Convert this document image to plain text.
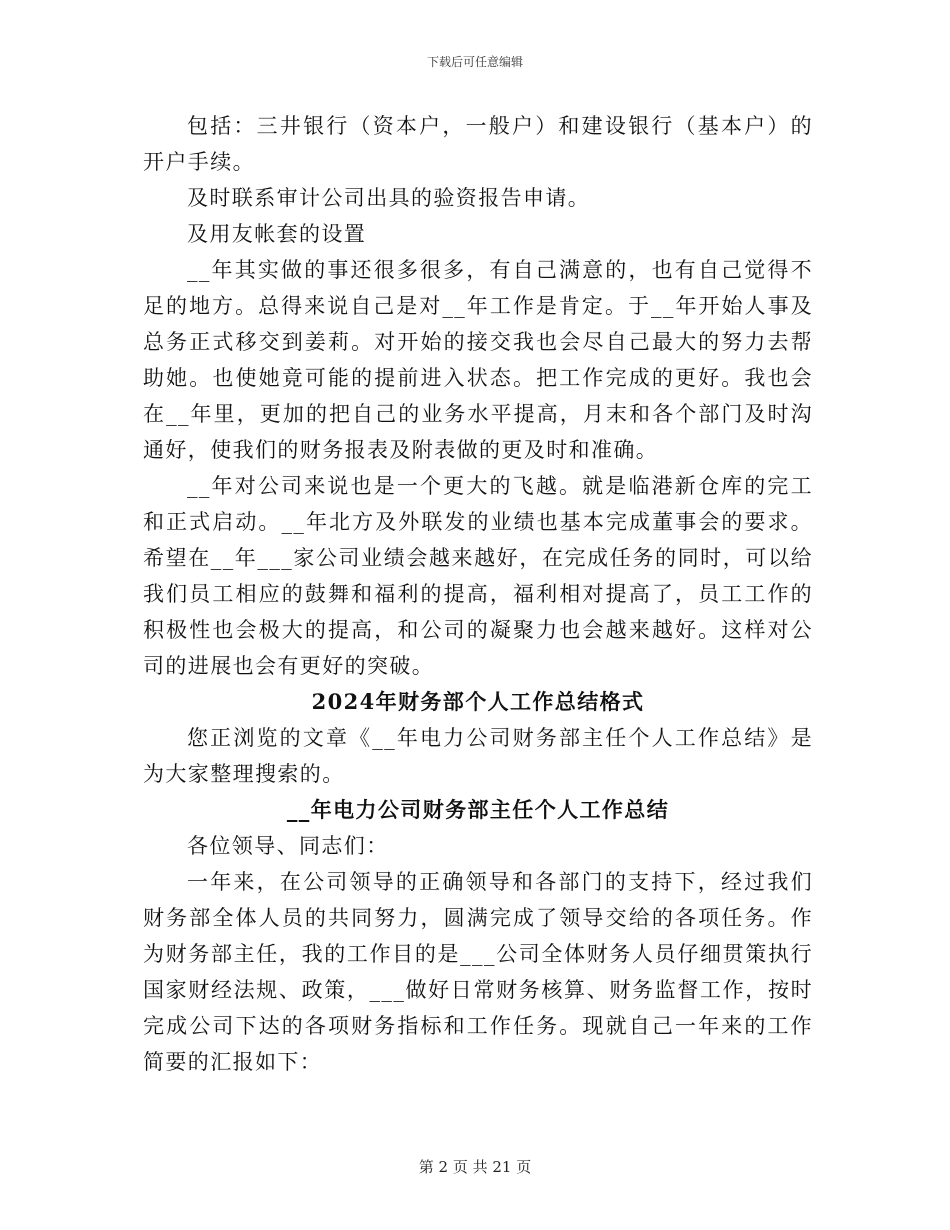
下载后可任意编辑

包括：三井银行（资本户，一般户）和建设银行（基本户）的开户手续。

及时联系审计公司出具的验资报告申请。

及用友帐套的设置

__年其实做的事还很多很多，有自己满意的，也有自己觉得不足的地方。总得来说自己是对__年工作是肯定。于__年开始人事及总务正式移交到姜莉。对开始的接交我也会尽自己最大的努力去帮助她。也使她竟可能的提前进入状态。把工作完成的更好。我也会在__年里，更加的把自己的业务水平提高，月末和各个部门及时沟通好，使我们的财务报表及附表做的更及时和准确。

__年对公司来说也是一个更大的飞越。就是临港新仓库的完工和正式启动。__年北方及外联发的业绩也基本完成董事会的要求。希望在__年___家公司业绩会越来越好，在完成任务的同时，可以给我们员工相应的鼓舞和福利的提高，福利相对提高了，员工工作的积极性也会极大的提高，和公司的凝聚力也会越来越好。这样对公司的进展也会有更好的突破。

2024年财务部个人工作总结格式

您正浏览的文章《__年电力公司财务部主任个人工作总结》是为大家整理搜索的。

__年电力公司财务部主任个人工作总结

各位领导、同志们：

一年来，在公司领导的正确领导和各部门的支持下，经过我们财务部全体人员的共同努力，圆满完成了领导交给的各项任务。作为财务部主任，我的工作目的是___公司全体财务人员仔细贯策执行国家财经法规、政策，___做好日常财务核算、财务监督工作，按时完成公司下达的各项财务指标和工作任务。现就自己一年来的工作简要的汇报如下：

第 2 页 共 21 页
